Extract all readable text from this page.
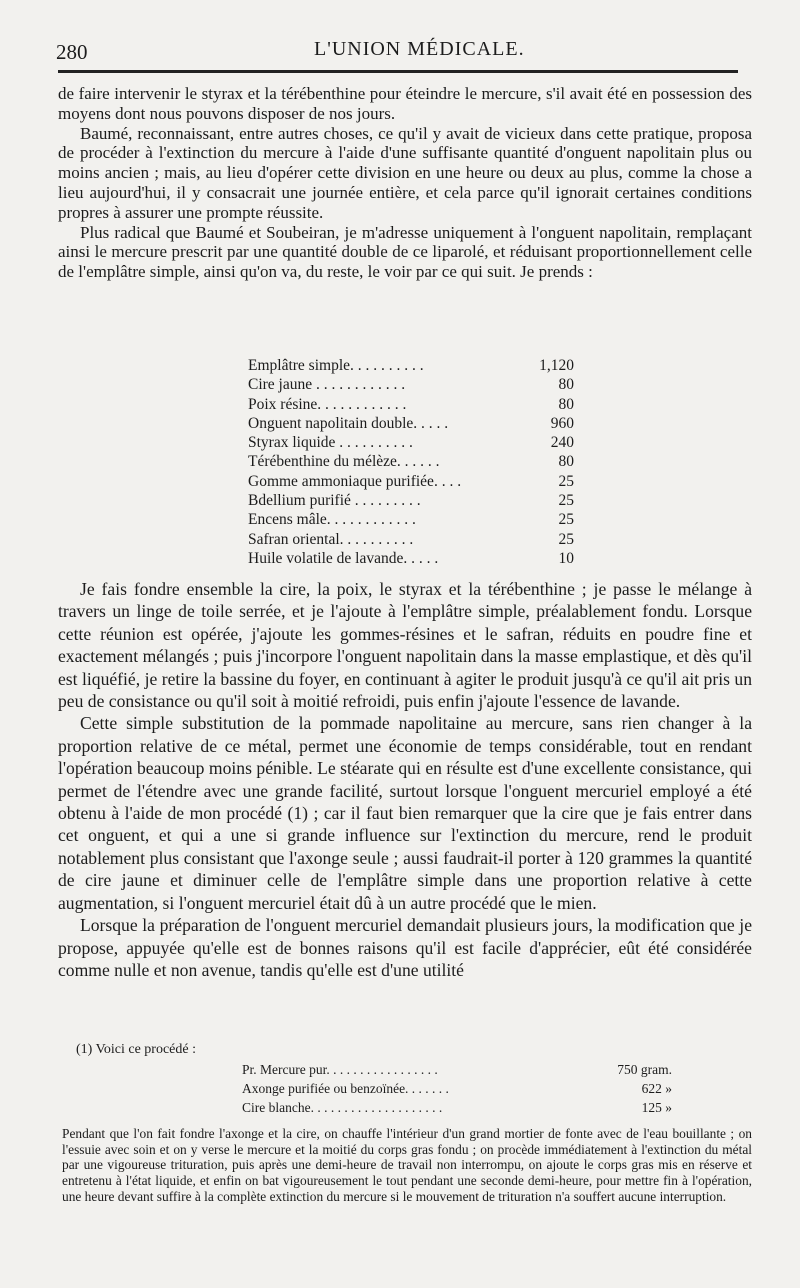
280	L'UNION MÉDICALE.

de faire intervenir le styrax et la térébenthine pour éteindre le mercure, s'il avait été en possession des moyens dont nous pouvons disposer de nos jours.

Baumé, reconnaissant, entre autres choses, ce qu'il y avait de vicieux dans cette pratique, proposa de procéder à l'extinction du mercure à l'aide d'une suffisante quantité d'onguent napolitain plus ou moins ancien ; mais, au lieu d'opérer cette division en une heure ou deux au plus, comme la chose a lieu aujourd'hui, il y consacrait une journée entière, et cela parce qu'il ignorait certaines conditions propres à assurer une prompte réussite.

Plus radical que Baumé et Soubeiran, je m'adresse uniquement à l'onguent napolitain, remplaçant ainsi le mercure prescrit par une quantité double de ce liparolé, et réduisant proportionnellement celle de l'emplâtre simple, ainsi qu'on va, du reste, le voir par ce qui suit. Je prends :

Emplâtre simple. . . . . . . . . .	1,120
Cire jaune . . . . . . . . . . . .	80
Poix résine. . . . . . . . . . . .	80
Onguent napolitain double. . . . .	960
Styrax liquide . . . . . . . . . .	240
Térébenthine du mélèze. . . . . .	80
Gomme ammoniaque purifiée. . . .	25
Bdellium purifié . . . . . . . . .	25
Encens mâle. . . . . . . . . . . .	25
Safran oriental. . . . . . . . . .	25
Huile volatile de lavande. . . . .	10

Je fais fondre ensemble la cire, la poix, le styrax et la térébenthine ; je passe le mélange à travers un linge de toile serrée, et je l'ajoute à l'emplâtre simple, préalablement fondu. Lorsque cette réunion est opérée, j'ajoute les gommes-résines et le safran, réduits en poudre fine et exactement mélangés ; puis j'incorpore l'onguent napolitain dans la masse emplastique, et dès qu'il est liquéfié, je retire la bassine du foyer, en continuant à agiter le produit jusqu'à ce qu'il ait pris un peu de consistance ou qu'il soit à moitié refroidi, puis enfin j'ajoute l'essence de lavande.

Cette simple substitution de la pommade napolitaine au mercure, sans rien changer à la proportion relative de ce métal, permet une économie de temps considérable, tout en rendant l'opération beaucoup moins pénible. Le stéarate qui en résulte est d'une excellente consistance, qui permet de l'étendre avec une grande facilité, surtout lorsque l'onguent mercuriel employé a été obtenu à l'aide de mon procédé (1) ; car il faut bien remarquer que la cire que je fais entrer dans cet onguent, et qui a une si grande influence sur l'extinction du mercure, rend le produit notablement plus consistant que l'axonge seule ; aussi faudrait-il porter à 120 grammes la quantité de cire jaune et diminuer celle de l'emplâtre simple dans une proportion relative à cette augmentation, si l'onguent mercuriel était dû à un autre procédé que le mien.

Lorsque la préparation de l'onguent mercuriel demandait plusieurs jours, la modification que je propose, appuyée qu'elle est de bonnes raisons qu'il est facile d'apprécier, eût été considérée comme nulle et non avenue, tandis qu'elle est d'une utilité

(1) Voici ce procédé :

Pr. Mercure pur. . . . . . . . . . . . . . . . .	750 gram.
Axonge purifiée ou benzoïnée. . . . . . .	622 »
Cire blanche. . . . . . . . . . . . . . . . . . . .	125 »

Pendant que l'on fait fondre l'axonge et la cire, on chauffe l'intérieur d'un grand mortier de fonte avec de l'eau bouillante ; on l'essuie avec soin et on y verse le mercure et la moitié du corps gras fondu ; on procède immédiatement à l'extinction du métal par une vigoureuse trituration, puis après une demi-heure de travail non interrompu, on ajoute le corps gras mis en réserve et entretenu à l'état liquide, et enfin on bat vigoureusement le tout pendant une seconde demi-heure, pour mettre fin à l'opération, une heure devant suffire à la complète extinction du mercure si le mouvement de trituration n'a souffert aucune interruption.
